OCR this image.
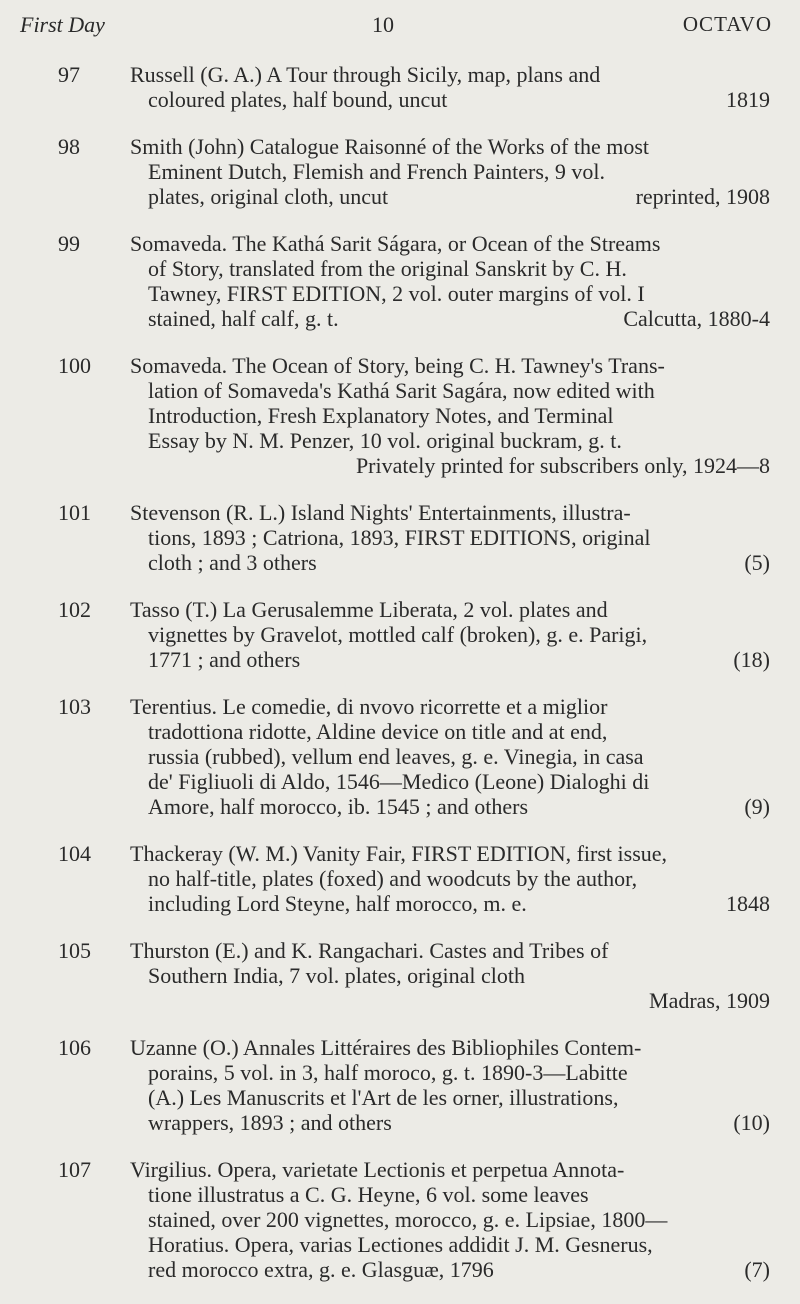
First Day	10	OCTAVO
97 Russell (G. A.) A Tour through Sicily, map, plans and
coloured plates, half bound, uncut	1819
98 Smith (John) Catalogue Raisonné of the Works of the most
Eminent Dutch, Flemish and French Painters, 9 vol.
plates, original cloth, uncut	reprinted, 1908
99 Somaveda. The Kathá Sarit Ságara, or Ocean of the Streams
of Story, translated from the original Sanskrit by C. H.
Tawney, FIRST EDITION, 2 vol. outer margins of vol. I
stained, half calf, g. t.	Calcutta, 1880-4
100 Somaveda. The Ocean of Story, being C. H. Tawney's Trans-
lation of Somaveda's Kathá Sarit Sagára, now edited with
Introduction, Fresh Explanatory Notes, and Terminal
Essay by N. M. Penzer, 10 vol. original buckram, g. t.
Privately printed for subscribers only, 1924—8
101 Stevenson (R. L.) Island Nights' Entertainments, illustra-
tions, 1893 ; Catriona, 1893, FIRST EDITIONS, original
cloth ; and 3 others	(5)
102 Tasso (T.) La Gerusalemme Liberata, 2 vol. plates and
vignettes by Gravelot, mottled calf (broken), g. e. Parigi,
1771 ; and others	(18)
103 Terentius. Le comedie, di nvovo ricorrette et a miglior
tradottiona ridotte, Aldine device on title and at end,
russia (rubbed), vellum end leaves, g. e. Vinegia, in casa
de' Figliuoli di Aldo, 1546—Medico (Leone) Dialoghi di
Amore, half morocco, ib. 1545 ; and others	(9)
104 Thackeray (W. M.) Vanity Fair, FIRST EDITION, first issue,
no half-title, plates (foxed) and woodcuts by the author,
including Lord Steyne, half morocco, m. e.	1848
105 Thurston (E.) and K. Rangachari. Castes and Tribes of
Southern India, 7 vol. plates, original cloth
Madras, 1909
106 Uzanne (O.) Annales Littéraires des Bibliophiles Contem-
porains, 5 vol. in 3, half moroco, g. t. 1890-3—Labitte
(A.) Les Manuscrits et l'Art de les orner, illustrations,
wrappers, 1893 ; and others	(10)
107 Virgilius. Opera, varietate Lectionis et perpetua Annota-
tione illustratus a C. G. Heyne, 6 vol. some leaves
stained, over 200 vignettes, morocco, g. e. Lipsiae, 1800—
Horatius. Opera, varias Lectiones addidit J. M. Gesnerus,
red morocco extra, g. e. Glasguæ, 1796	(7)
